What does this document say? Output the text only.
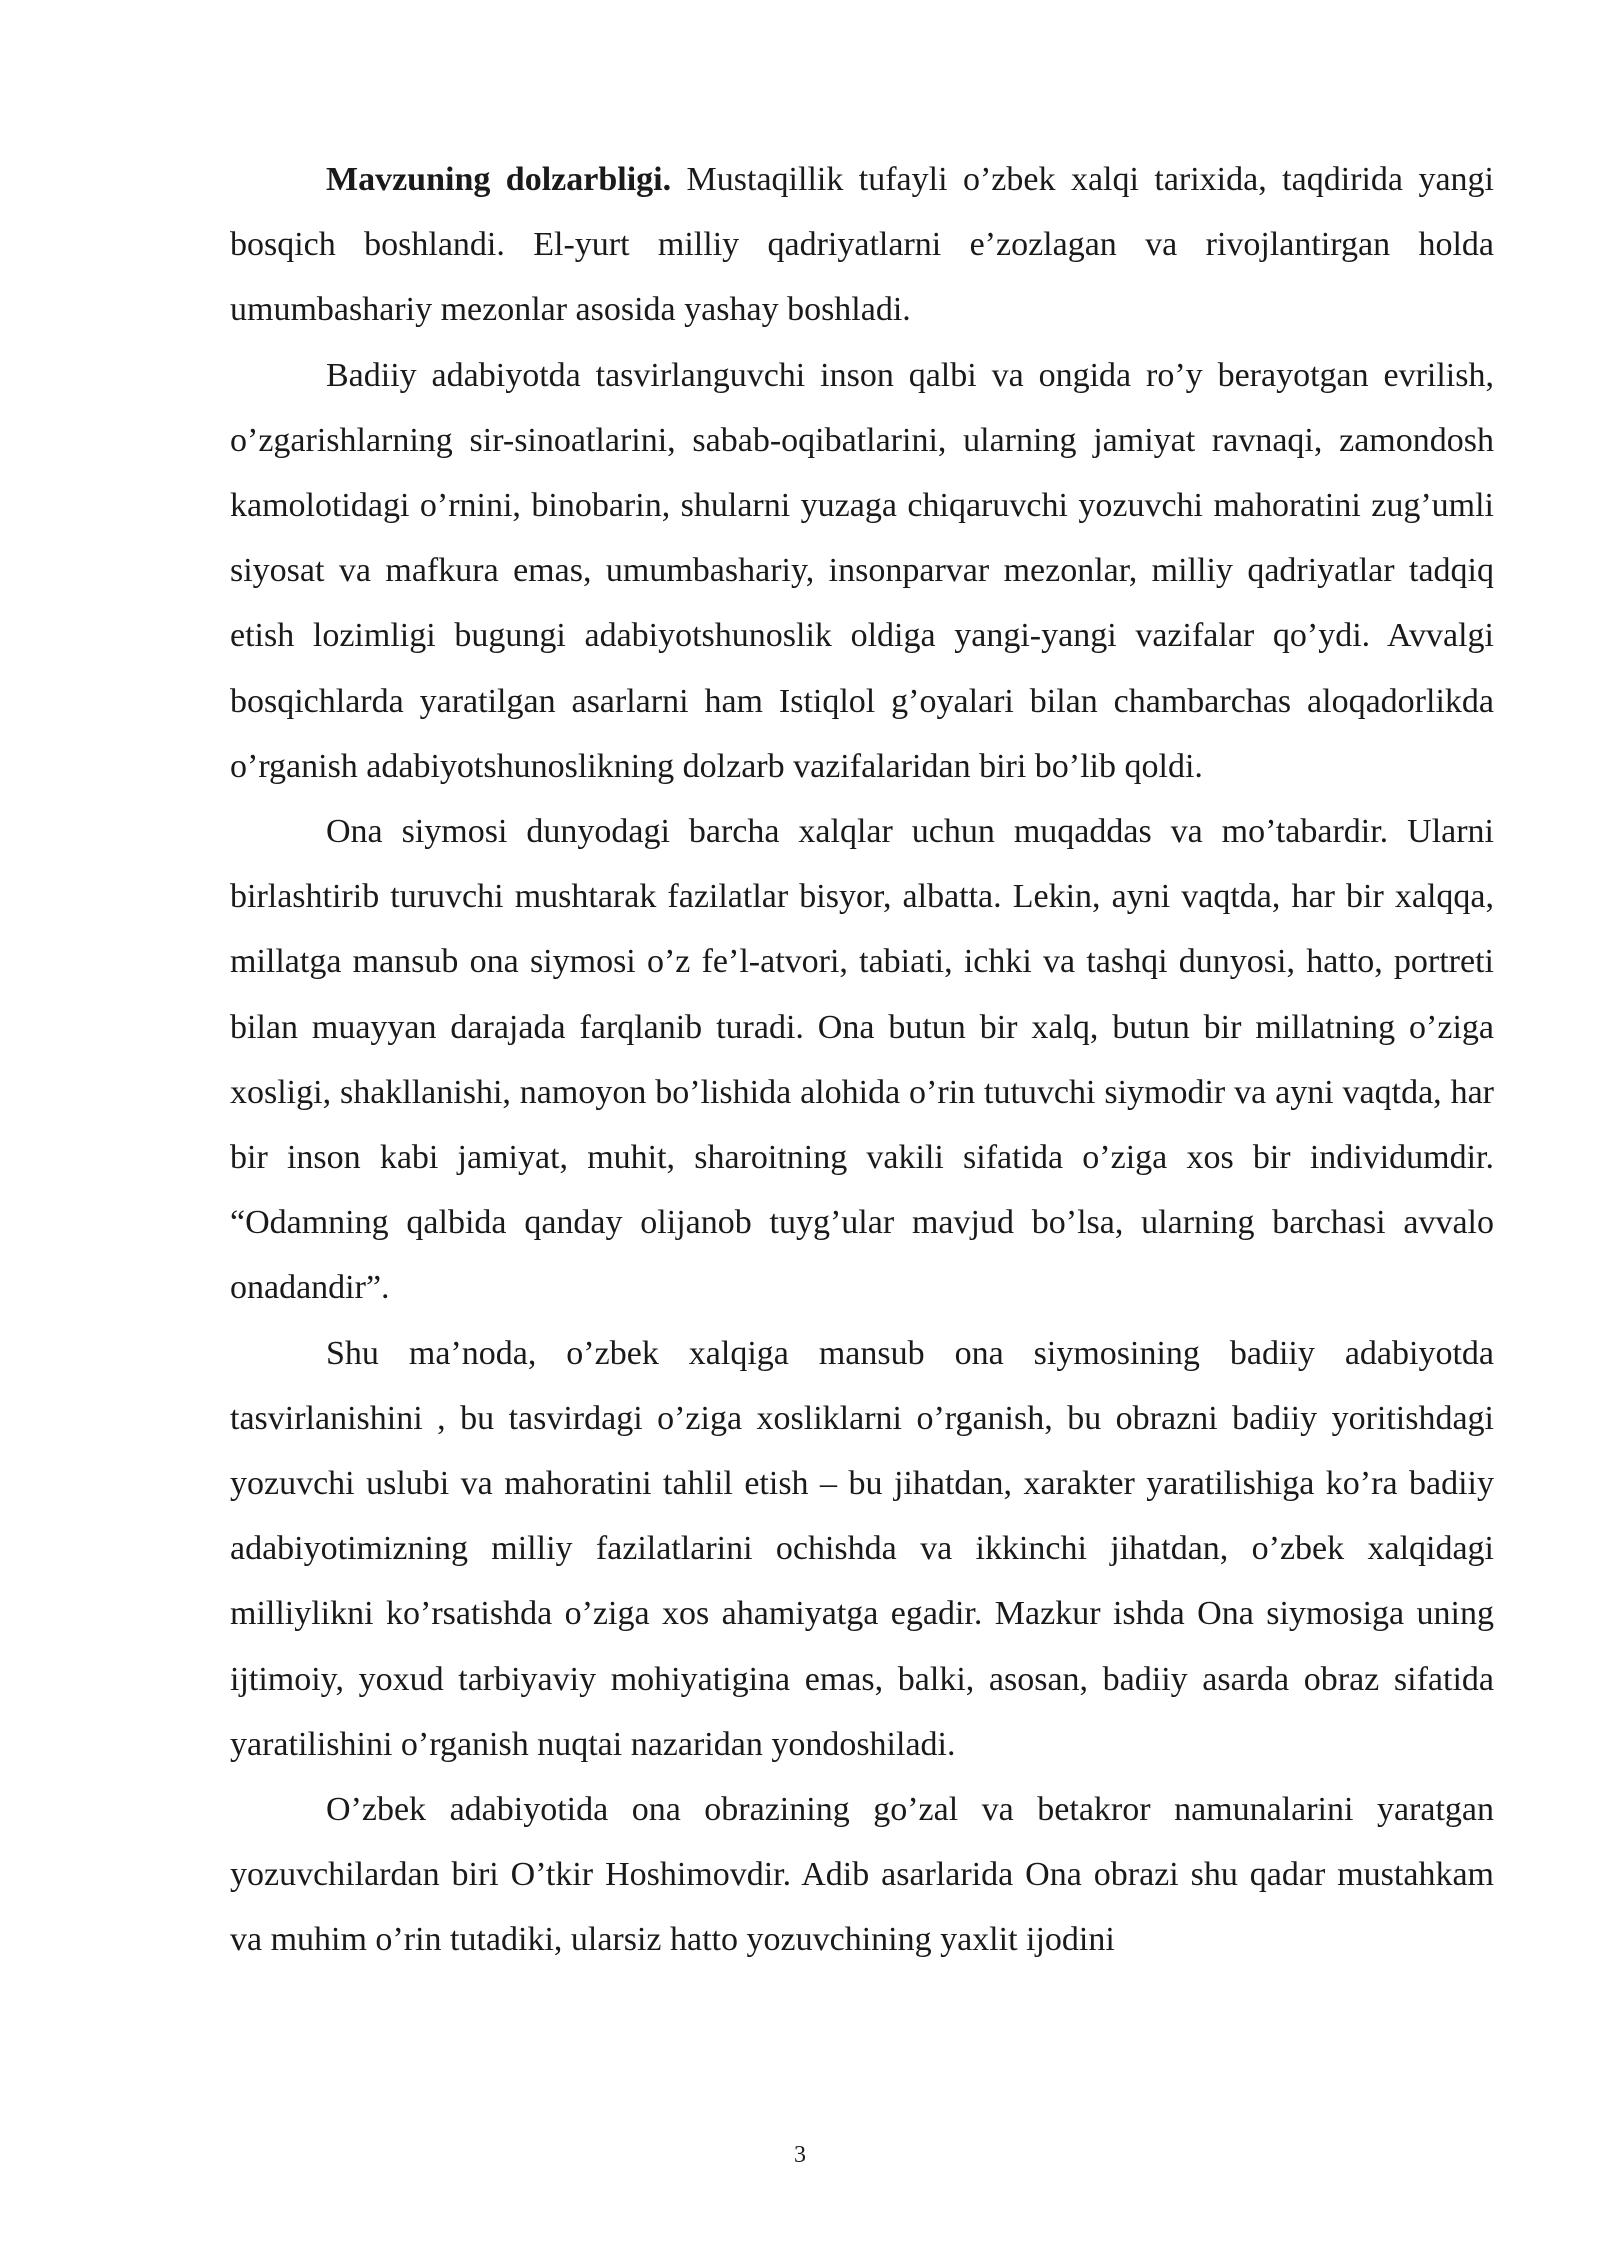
Mavzuning dolzarbligi. Mustaqillik tufayli o’zbek xalqi tarixida, taqdirida yangi bosqich boshlandi. El-yurt milliy qadriyatlarni e’zozlagan va rivojlantirgan holda umumbashariy mezonlar asosida yashay boshladi.

Badiiy adabiyotda tasvirlanguvchi inson qalbi va ongida ro’y berayotgan evrilish, o’zgarishlarning sir-sinoatlarini, sabab-oqibatlarini, ularning jamiyat ravnaqi, zamondosh kamolotidagi o’rnini, binobarin, shularni yuzaga chiqaruvchi yozuvchi mahoratini zug’umli siyosat va mafkura emas, umumbashariy, insonparvar mezonlar, milliy qadriyatlar tadqiq etish lozimligi bugungi adabiyotshunoslik oldiga yangi-yangi vazifalar qo’ydi. Avvalgi bosqichlarda yaratilgan asarlarni ham Istiqlol g’oyalari bilan chambarchas aloqadorlikda o’rganish adabiyotshunoslikning dolzarb vazifalaridan biri bo’lib qoldi.

Ona siymosi dunyodagi barcha xalqlar uchun muqaddas va mo’tabardir. Ularni birlashtirib turuvchi mushtarak fazilatlar bisyor, albatta. Lekin, ayni vaqtda, har bir xalqqa, millatga mansub ona siymosi o’z fe’l-atvori, tabiati, ichki va tashqi dunyosi, hatto, portreti bilan muayyan darajada farqlanib turadi. Ona butun bir xalq, butun bir millatning o’ziga xosligi, shakllanishi, namoyon bo’lishida alohida o’rin tutuvchi siymodir va ayni vaqtda, har bir inson kabi jamiyat, muhit, sharoitning vakili sifatida o’ziga xos bir individumdir. “Odamning qalbida qanday olijanob tuyg’ular mavjud bo’lsa, ularning barchasi avvalo onadandir”.

Shu ma’noda, o’zbek xalqiga mansub ona siymosining badiiy adabiyotda tasvirlanishini , bu tasvirdagi o’ziga xosliklarni o’rganish, bu obrazni badiiy yoritishdagi yozuvchi uslubi va mahoratini tahlil etish – bu jihatdan, xarakter yaratilishiga ko’ra badiiy adabiyotimizning milliy fazilatlarini ochishda va ikkinchi jihatdan, o’zbek xalqidagi milliylikni ko’rsatishda o’ziga xos ahamiyatga egadir. Mazkur ishda Ona siymosiga uning ijtimoiy, yoxud tarbiyaviy mohiyatigina emas, balki, asosan, badiiy asarda obraz sifatida yaratilishini o’rganish nuqtai nazaridan yondoshiladi.

O’zbek adabiyotida ona obrazining go’zal va betakror namunalarini yaratgan yozuvchilardan biri O’tkir Hoshimovdir. Adib asarlarida Ona obrazi shu qadar mustahkam va muhim o’rin tutadiki, ularsiz hatto yozuvchining yaxlit ijodini

3
